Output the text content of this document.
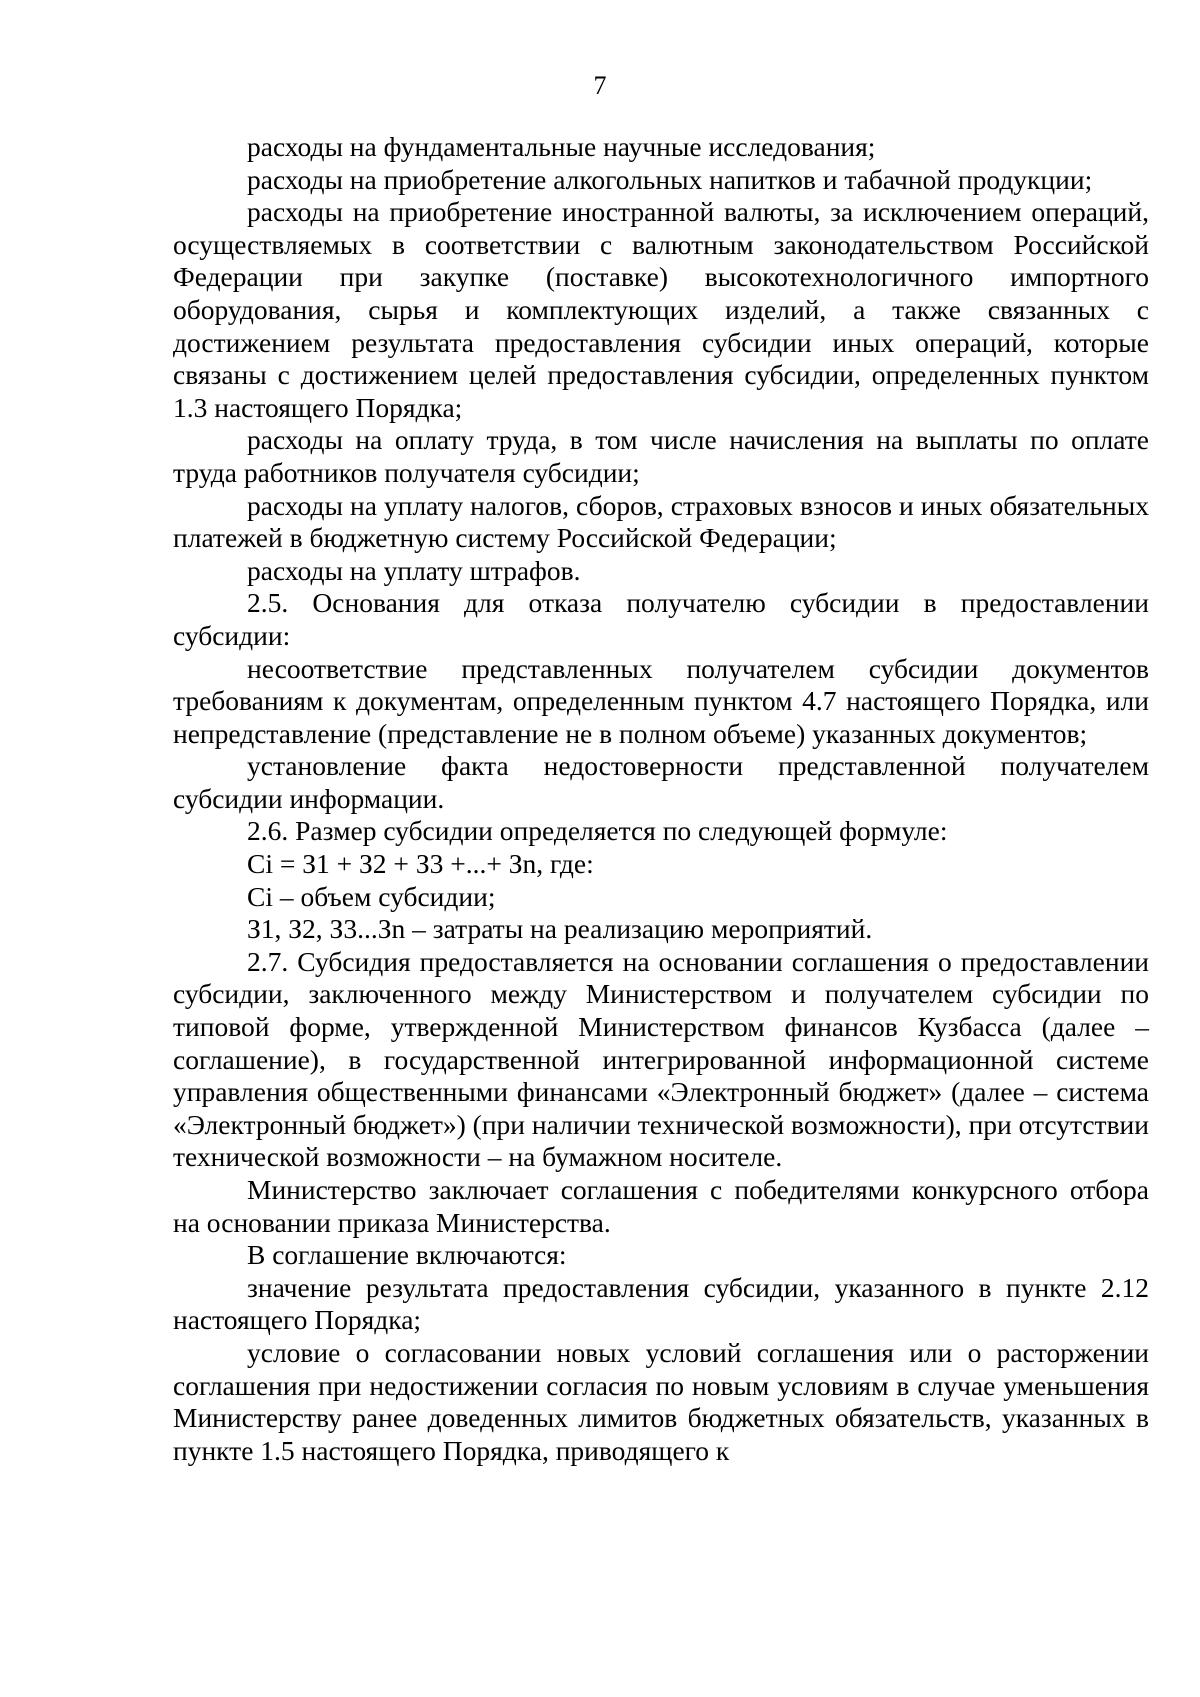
7

расходы на фундаментальные научные исследования;

расходы на приобретение алкогольных напитков и табачной продукции;

расходы на приобретение иностранной валюты, за исключением операций, осуществляемых в соответствии с валютным законодательством Российской Федерации при закупке (поставке) высокотехнологичного импортного оборудования, сырья и комплектующих изделий, а также связанных с достижением результата предоставления субсидии иных операций, которые связаны с достижением целей предоставления субсидии, определенных пунктом 1.3 настоящего Порядка;

расходы на оплату труда, в том числе начисления на выплаты по оплате труда работников получателя субсидии;

расходы на уплату налогов, сборов, страховых взносов и иных обязательных платежей в бюджетную систему Российской Федерации;

расходы на уплату штрафов.

2.5. Основания для отказа получателю субсидии в предоставлении субсидии:

несоответствие представленных получателем субсидии документов требованиям к документам, определенным пунктом 4.7 настоящего Порядка, или непредставление (представление не в полном объеме) указанных документов;

установление факта недостоверности представленной получателем субсидии информации.

2.6. Размер субсидии определяется по следующей формуле:

Ci = З1 + З2 + З3 +...+ Зn, где:

Ci – объем субсидии;

З1, З2, З3...Зn – затраты на реализацию мероприятий.

2.7. Субсидия предоставляется на основании соглашения о предоставлении субсидии, заключенного между Министерством и получателем субсидии по типовой форме, утвержденной Министерством финансов Кузбасса (далее – соглашение), в государственной интегрированной информационной системе управления общественными финансами «Электронный бюджет» (далее – система «Электронный бюджет») (при наличии технической возможности), при отсутствии технической возможности – на бумажном носителе.

Министерство заключает соглашения с победителями конкурсного отбора на основании приказа Министерства.

В соглашение включаются:

значение результата предоставления субсидии, указанного в пункте 2.12 настоящего Порядка;

условие о согласовании новых условий соглашения или о расторжении соглашения при недостижении согласия по новым условиям в случае уменьшения Министерству ранее доведенных лимитов бюджетных обязательств, указанных в пункте 1.5 настоящего Порядка, приводящего к
